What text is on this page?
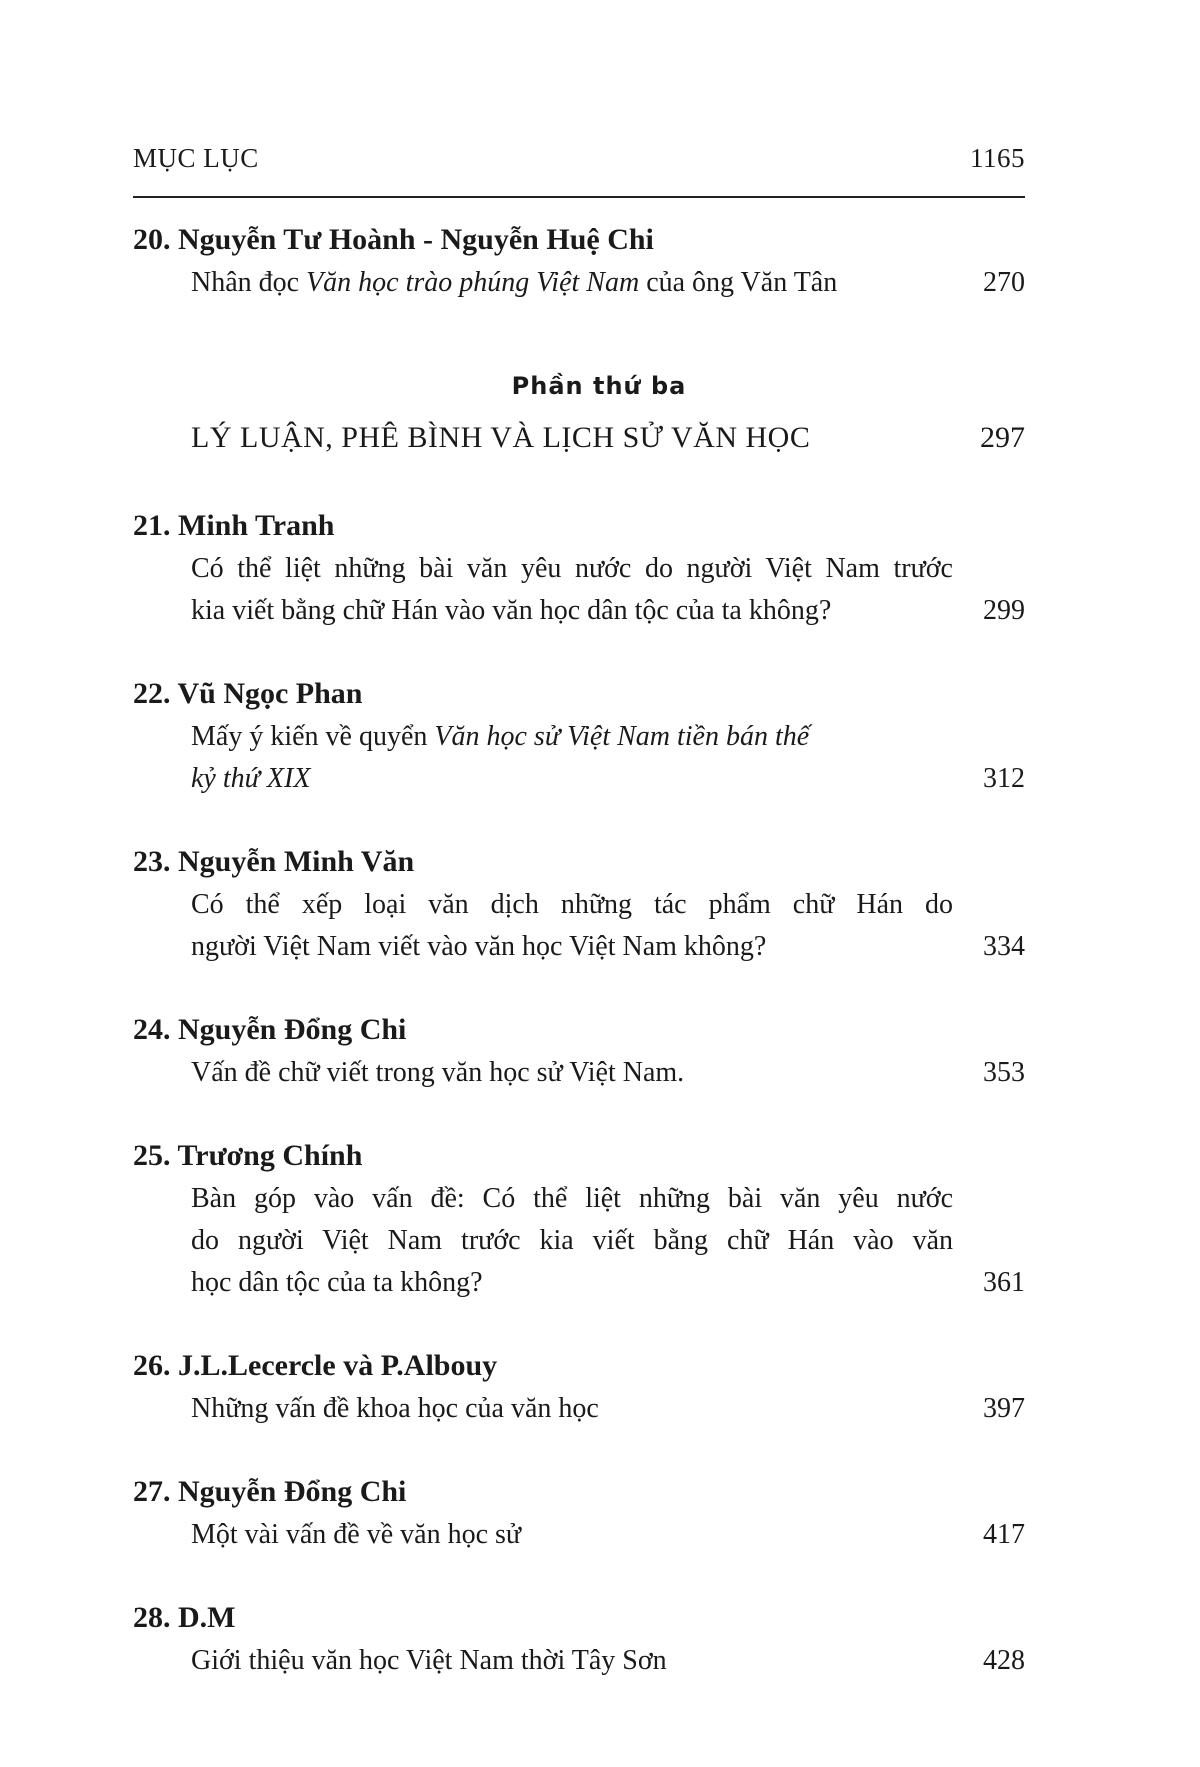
MỤC LỤC	1165
20. Nguyễn Tư Hoành - Nguyễn Huệ Chi
Nhân đọc Văn học trào phúng Việt Nam của ông Văn Tân	270
Phần thứ ba
LÝ LUẬN, PHÊ BÌNH VÀ LỊCH SỬ VĂN HỌC	297
21. Minh Tranh
Có thể liệt những bài văn yêu nước do người Việt Nam trước
kia viết bằng chữ Hán vào văn học dân tộc của ta không?	299
22. Vũ Ngọc Phan
Mấy ý kiến về quyển Văn học sử Việt Nam tiền bán thế
kỷ thứ XIX	312
23. Nguyễn Minh Văn
Có thể xếp loại văn dịch những tác phẩm chữ Hán do
người Việt Nam viết vào văn học Việt Nam không?	334
24. Nguyễn Đổng Chi
Vấn đề chữ viết trong văn học sử Việt Nam.	353
25. Trương Chính
Bàn góp vào vấn đề: Có thể liệt những bài văn yêu nước
do người Việt Nam trước kia viết bằng chữ Hán vào văn
học dân tộc của ta không?	361
26. J.L.Lecercle và P.Albouy
Những vấn đề khoa học của văn học	397
27. Nguyễn Đổng Chi
Một vài vấn đề về văn học sử	417
28. D.M
Giới thiệu văn học Việt Nam thời Tây Sơn	428
